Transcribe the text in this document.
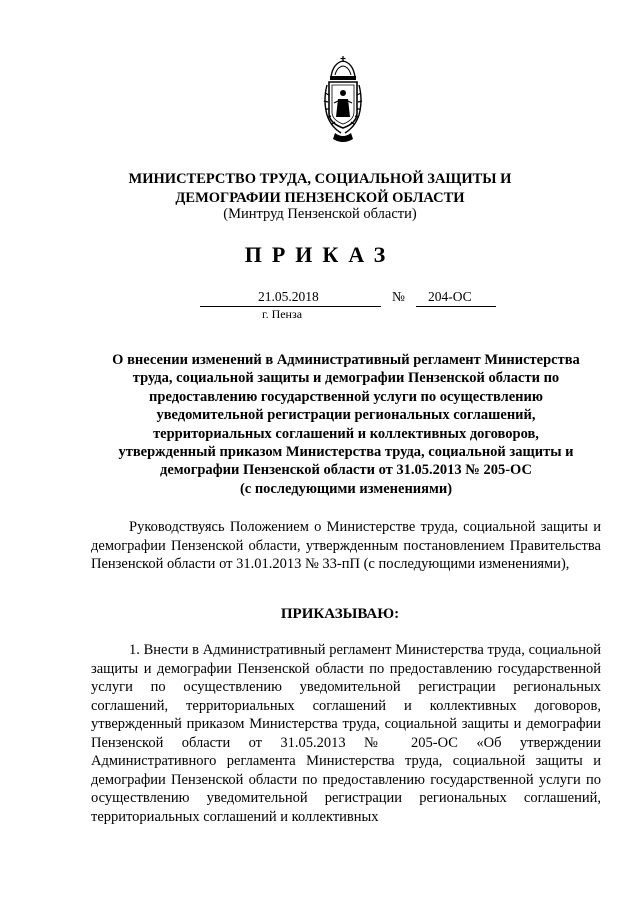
МИНИСТЕРСТВО ТРУДА, СОЦИАЛЬНОЙ ЗАЩИТЫ И
ДЕМОГРАФИИ ПЕНЗЕНСКОЙ ОБЛАСТИ
(Минтруд Пензенской области)
ПРИКАЗ
21.05.2018	№ 204-ОС
г. Пенза
О внесении изменений в Административный регламент Министерства
труда, социальной защиты и демографии Пензенской области по
предоставлению государственной услуги по осуществлению
уведомительной регистрации региональных соглашений,
территориальных соглашений и коллективных договоров,
утвержденный приказом Министерства труда, социальной защиты и
демографии Пензенской области от 31.05.2013 № 205-ОС
(с последующими изменениями)

Руководствуясь Положением о Министерстве труда, социальной защиты и демографии Пензенской области, утвержденным постановлением Правительства Пензенской области от 31.01.2013 № 33-пП (с последующими изменениями),

ПРИКАЗЫВАЮ:

1. Внести в Административный регламент Министерства труда, социальной защиты и демографии Пензенской области по предоставлению государственной услуги по осуществлению уведомительной регистрации региональных соглашений, территориальных соглашений и коллективных договоров, утвержденный приказом Министерства труда, социальной защиты и демографии Пензенской области от 31.05.2013 № 205-ОС «Об утверждении Административного регламента Министерства труда, социальной защиты и демографии Пензенской области по предоставлению государственной услуги по осуществлению уведомительной регистрации региональных соглашений, территориальных соглашений и коллективных
